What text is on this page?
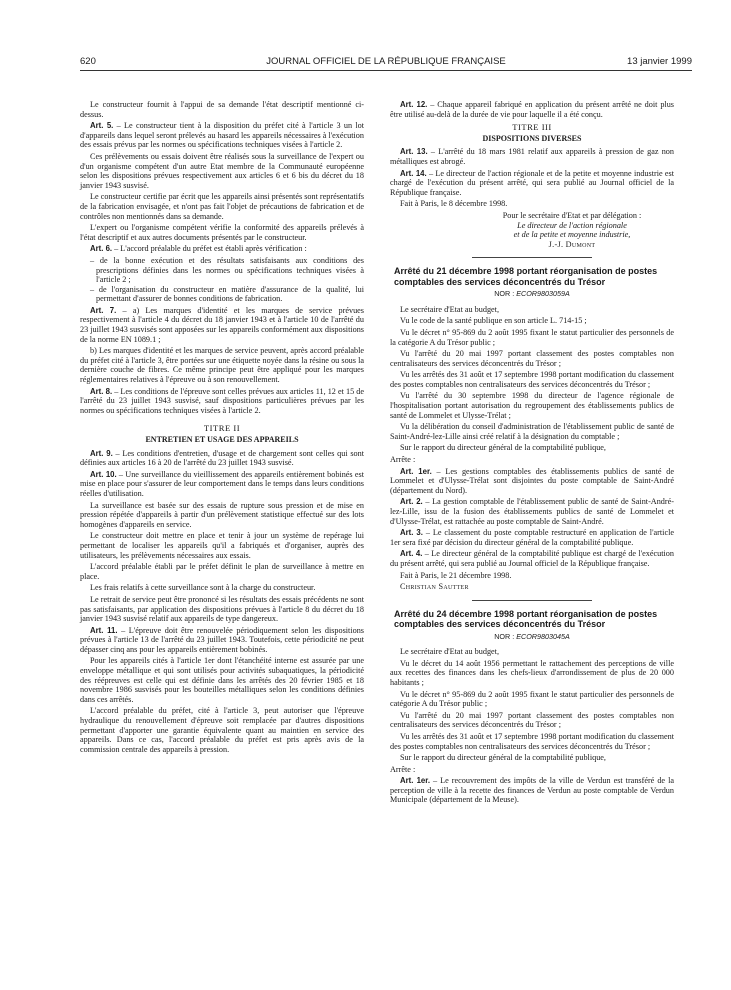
620	JOURNAL OFFICIEL DE LA RÉPUBLIQUE FRANÇAISE	13 janvier 1999

Le constructeur fournit à l'appui de sa demande l'état descriptif mentionné ci-dessus.

Art. 5. – Le constructeur tient à la disposition du préfet cité à l'article 3 un lot d'appareils dans lequel seront prélevés au hasard les appareils nécessaires à l'exécution des essais prévus par les normes ou spécifications techniques visées à l'article 2.

Ces prélèvements ou essais doivent être réalisés sous la surveillance de l'expert ou d'un organisme compétent d'un autre Etat membre de la Communauté européenne selon les dispositions prévues respectivement aux articles 6 et 6 bis du décret du 18 janvier 1943 susvisé.

Le constructeur certifie par écrit que les appareils ainsi présentés sont représentatifs de la fabrication envisagée, et n'ont pas fait l'objet de précautions de fabrication et de contrôles non mentionnés dans sa demande.

L'expert ou l'organisme compétent vérifie la conformité des appareils prélevés à l'état descriptif et aux autres documents présentés par le constructeur.

Art. 6. – L'accord préalable du préfet est établi après vérification :

– de la bonne exécution et des résultats satisfaisants aux conditions des prescriptions définies dans les normes ou spécifications techniques visées à l'article 2 ;
– de l'organisation du constructeur en matière d'assurance de la qualité, lui permettant d'assurer de bonnes conditions de fabrication.

Art. 7. – a) Les marques d'identité et les marques de service prévues respectivement à l'article 4 du décret du 18 janvier 1943 et à l'article 10 de l'arrêté du 23 juillet 1943 susvisés sont apposées sur les appareils conformément aux dispositions de la norme EN 1089.1 ;

b) Les marques d'identité et les marques de service peuvent, après accord préalable du préfet cité à l'article 3, être portées sur une étiquette noyée dans la résine ou sous la dernière couche de fibres. Ce même principe peut être appliqué pour les marques réglementaires relatives à l'épreuve ou à son renouvellement.

Art. 8. – Les conditions de l'épreuve sont celles prévues aux articles 11, 12 et 15 de l'arrêté du 23 juillet 1943 susvisé, sauf dispositions particulières prévues par les normes ou spécifications techniques visées à l'article 2.

TITRE II
ENTRETIEN ET USAGE DES APPAREILS

Art. 9. – Les conditions d'entretien, d'usage et de chargement sont celles qui sont définies aux articles 16 à 20 de l'arrêté du 23 juillet 1943 susvisé.

Art. 10. – Une surveillance du vieillissement des appareils entièrement bobinés est mise en place pour s'assurer de leur comportement dans le temps dans leurs conditions réelles d'utilisation.

La surveillance est basée sur des essais de rupture sous pression et de mise en pression répétée d'appareils à partir d'un prélèvement statistique effectué sur des lots homogènes d'appareils en service.

Le constructeur doit mettre en place et tenir à jour un système de repérage lui permettant de localiser les appareils qu'il a fabriqués et d'organiser, auprès des utilisateurs, les prélèvements nécessaires aux essais.

L'accord préalable établi par le préfet définit le plan de surveillance à mettre en place.

Les frais relatifs à cette surveillance sont à la charge du constructeur.

Le retrait de service peut être prononcé si les résultats des essais précédents ne sont pas satisfaisants, par application des dispositions prévues à l'article 8 du décret du 18 janvier 1943 susvisé relatif aux appareils de type dangereux.

Art. 11. – L'épreuve doit être renouvelée périodiquement selon les dispositions prévues à l'article 13 de l'arrêté du 23 juillet 1943. Toutefois, cette périodicité ne peut dépasser cinq ans pour les appareils entièrement bobinés.

Pour les appareils cités à l'article 1er dont l'étanchéité interne est assurée par une enveloppe métallique et qui sont utilisés pour activités subaquatiques, la périodicité des réépreuves est celle qui est définie dans les arrêtés des 20 février 1985 et 18 novembre 1986 susvisés pour les bouteilles métalliques selon les conditions définies dans ces arrêtés.

L'accord préalable du préfet, cité à l'article 3, peut autoriser que l'épreuve hydraulique du renouvellement d'épreuve soit remplacée par d'autres dispositions permettant d'apporter une garantie équivalente quant au maintien en service des appareils. Dans ce cas, l'accord préalable du préfet est pris après avis de la commission centrale des appareils à pression.

Art. 12. – Chaque appareil fabriqué en application du présent arrêté ne doit plus être utilisé au-delà de la durée de vie pour laquelle il a été conçu.

TITRE III
DISPOSITIONS DIVERSES

Art. 13. – L'arrêté du 18 mars 1981 relatif aux appareils à pression de gaz non métalliques est abrogé.

Art. 14. – Le directeur de l'action régionale et de la petite et moyenne industrie est chargé de l'exécution du présent arrêté, qui sera publié au Journal officiel de la République française.

Fait à Paris, le 8 décembre 1998.

Pour le secrétaire d'Etat et par délégation :
Le directeur de l'action régionale
et de la petite et moyenne industrie,
J.-J. Dumont
Arrêté du 21 décembre 1998 portant réorganisation de postes comptables des services déconcentrés du Trésor
NOR : ECOR9803059A

Le secrétaire d'Etat au budget,

Vu le code de la santé publique en son article L. 714-15 ;

Vu le décret n° 95-869 du 2 août 1995 fixant le statut particulier des personnels de la catégorie A du Trésor public ;

Vu l'arrêté du 20 mai 1997 portant classement des postes comptables non centralisateurs des services déconcentrés du Trésor ;

Vu les arrêtés des 31 août et 17 septembre 1998 portant modification du classement des postes comptables non centralisateurs des services déconcentrés du Trésor ;

Vu l'arrêté du 30 septembre 1998 du directeur de l'agence régionale de l'hospitalisation portant autorisation du regroupement des établissements publics de santé de Lommelet et Ulysse-Trélat ;

Vu la délibération du conseil d'administration de l'établissement public de santé de Saint-André-lez-Lille ainsi créé relatif à la désignation du comptable ;

Sur le rapport du directeur général de la comptabilité publique,

Arrête :

Art. 1er. – Les gestions comptables des établissements publics de santé de Lommelet et d'Ulysse-Trélat sont disjointes du poste comptable de Saint-André (département du Nord).

Art. 2. – La gestion comptable de l'établissement public de santé de Saint-André-lez-Lille, issu de la fusion des établissements publics de santé de Lommelet et d'Ulysse-Trélat, est rattachée au poste comptable de Saint-André.

Art. 3. – Le classement du poste comptable restructuré en application de l'article 1er sera fixé par décision du directeur général de la comptabilité publique.

Art. 4. – Le directeur général de la comptabilité publique est chargé de l'exécution du présent arrêté, qui sera publié au Journal officiel de la République française.

Fait à Paris, le 21 décembre 1998.

Christian Sautter

Arrêté du 24 décembre 1998 portant réorganisation de postes comptables des services déconcentrés du Trésor
NOR : ECOR9803045A

Le secrétaire d'Etat au budget,

Vu le décret du 14 août 1956 permettant le rattachement des perceptions de ville aux recettes des finances dans les chefs-lieux d'arrondissement de plus de 20 000 habitants ;

Vu le décret n° 95-869 du 2 août 1995 fixant le statut particulier des personnels de catégorie A du Trésor public ;

Vu l'arrêté du 20 mai 1997 portant classement des postes comptables non centralisateurs des services déconcentrés du Trésor ;

Vu les arrêtés des 31 août et 17 septembre 1998 portant modification du classement des postes comptables non centralisateurs des services déconcentrés du Trésor ;

Sur le rapport du directeur général de la comptabilité publique,

Arrête :

Art. 1er. – Le recouvrement des impôts de la ville de Verdun est transféré de la perception de ville à la recette des finances de Verdun au poste comptable de Verdun Municipale (département de la Meuse).
